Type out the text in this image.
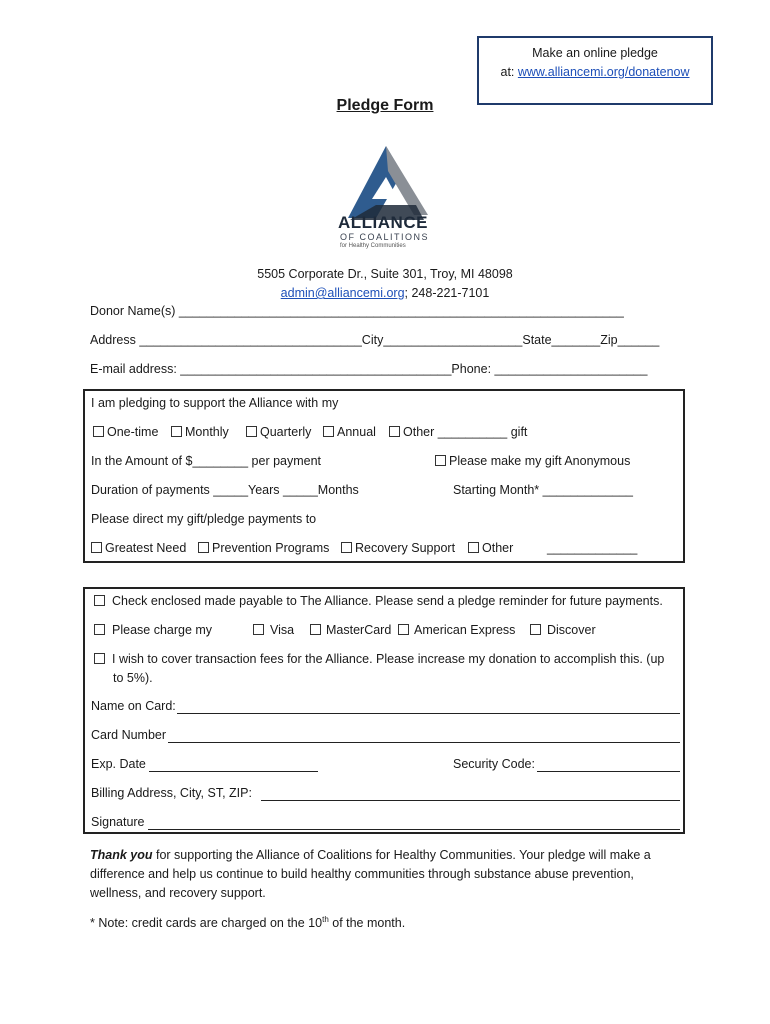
Make an online pledge
at: www.alliancemi.org/donatenow
Pledge Form
ALLIANCE
OF COALITIONS
for Healthy Communities
5505 Corporate Dr., Suite 301, Troy, MI 48098
admin@alliancemi.org; 248-221-7101
Donor Name(s) ________________________________________________________________
Address ________________________________City____________________State_______Zip______
E-mail address: _______________________________________Phone: ______________________
I am pledging to support the Alliance with my
One-time	Monthly	Quarterly	Annual	Other __________ gift
In the Amount of $________ per payment	Please make my gift Anonymous
Duration of payments _____Years _____Months	Starting Month* _____________
Please direct my gift/pledge payments to
Greatest Need	Prevention Programs	Recovery Support	Other	_____________
Check enclosed made payable to The Alliance. Please send a pledge reminder for future payments.
Please charge my	Visa	MasterCard	American Express	Discover
I wish to cover transaction fees for the Alliance. Please increase my donation to accomplish this. (up
to 5%).
Name on Card:
Card Number
Exp. Date	Security Code:
Billing Address, City, ST, ZIP:
Signature
Thank you for supporting the Alliance of Coalitions for Healthy Communities. Your pledge will make a
difference and help us continue to build healthy communities through substance abuse prevention,
wellness, and recovery support.
* Note: credit cards are charged on the 10th of the month.
